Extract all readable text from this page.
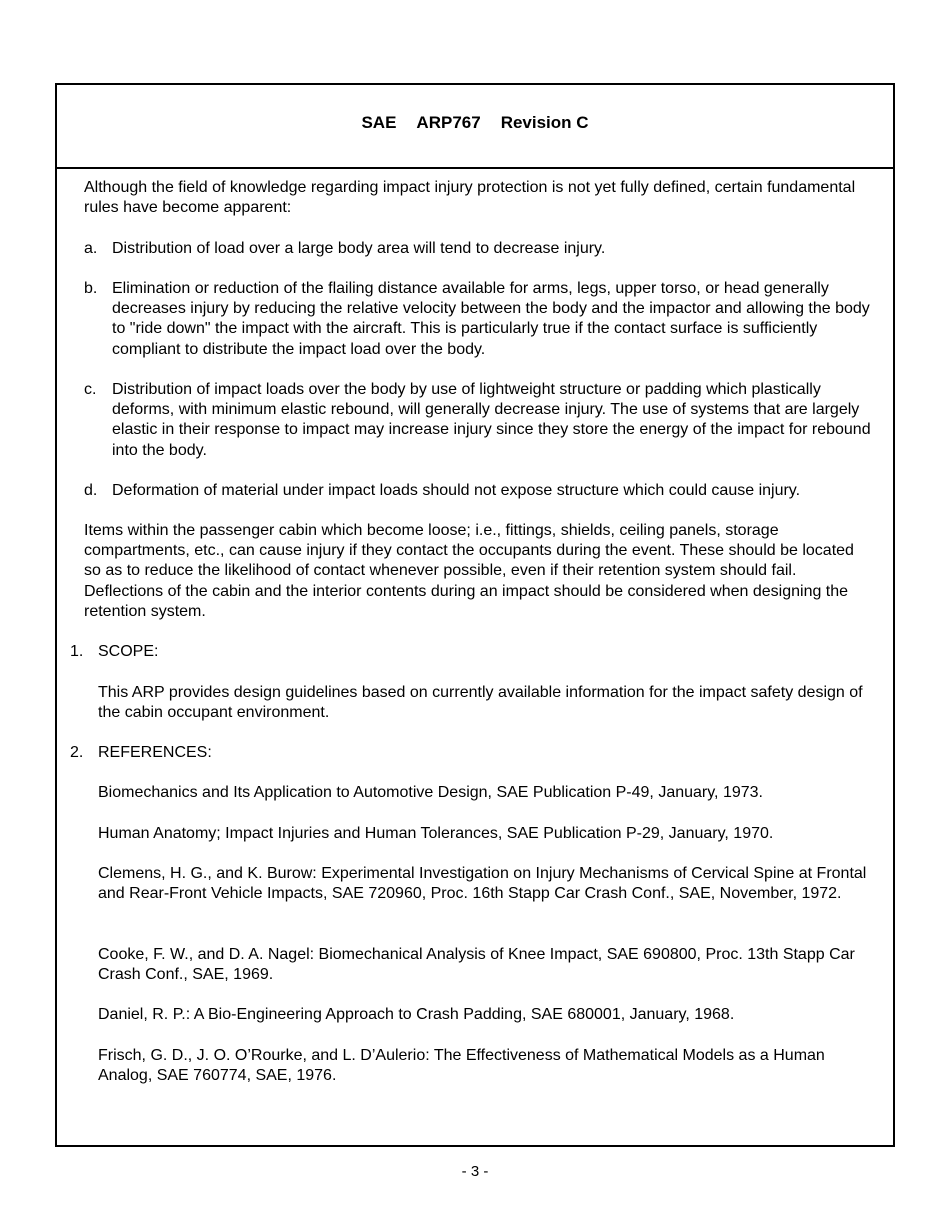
SAE ARP767 Revision C

Although the field of knowledge regarding impact injury protection is not yet fully defined, certain fundamental rules have become apparent:

a. Distribution of load over a large body area will tend to decrease injury.

b. Elimination or reduction of the flailing distance available for arms, legs, upper torso, or head generally decreases injury by reducing the relative velocity between the body and the impactor and allowing the body to "ride down" the impact with the aircraft. This is particularly true if the contact surface is sufficiently compliant to distribute the impact load over the body.

c. Distribution of impact loads over the body by use of lightweight structure or padding which plastically deforms, with minimum elastic rebound, will generally decrease injury. The use of systems that are largely elastic in their response to impact may increase injury since they store the energy of the impact for rebound into the body.

d. Deformation of material under impact loads should not expose structure which could cause injury.

Items within the passenger cabin which become loose; i.e., fittings, shields, ceiling panels, storage compartments, etc., can cause injury if they contact the occupants during the event. These should be located so as to reduce the likelihood of contact whenever possible, even if their retention system should fail. Deflections of the cabin and the interior contents during an impact should be considered when designing the retention system.

1. SCOPE:

This ARP provides design guidelines based on currently available information for the impact safety design of the cabin occupant environment.

2. REFERENCES:

Biomechanics and Its Application to Automotive Design, SAE Publication P-49, January, 1973.

Human Anatomy; Impact Injuries and Human Tolerances, SAE Publication P-29, January, 1970.

Clemens, H. G., and K. Burow: Experimental Investigation on Injury Mechanisms of Cervical Spine at Frontal and Rear-Front Vehicle Impacts, SAE 720960, Proc. 16th Stapp Car Crash Conf., SAE, November, 1972.

Cooke, F. W., and D. A. Nagel: Biomechanical Analysis of Knee Impact, SAE 690800, Proc. 13th Stapp Car Crash Conf., SAE, 1969.

Daniel, R. P.: A Bio-Engineering Approach to Crash Padding, SAE 680001, January, 1968.

Frisch, G. D., J. O. O’Rourke, and L. D’Aulerio: The Effectiveness of Mathematical Models as a Human Analog, SAE 760774, SAE, 1976.

- 3 -
